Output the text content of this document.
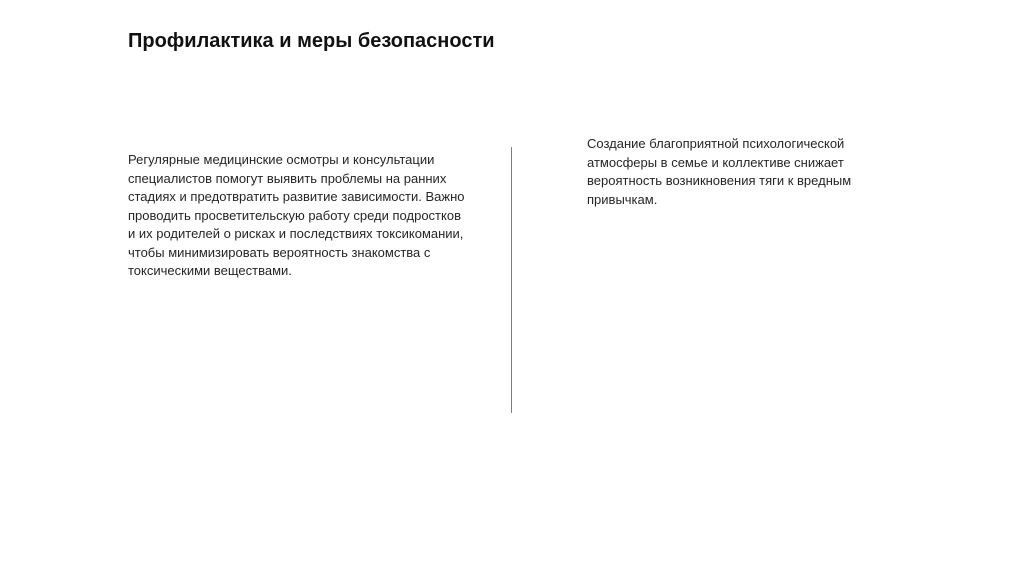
Профилактика и меры безопасности

Регулярные медицинские осмотры и консультации специалистов помогут выявить проблемы на ранних стадиях и предотвратить развитие зависимости. Важно проводить просветительскую работу среди подростков и их родителей о рисках и последствиях токсикомании, чтобы минимизировать вероятность знакомства с токсическими веществами.

Создание благоприятной психологической атмосферы в семье и коллективе снижает вероятность возникновения тяги к вредным привычкам.
